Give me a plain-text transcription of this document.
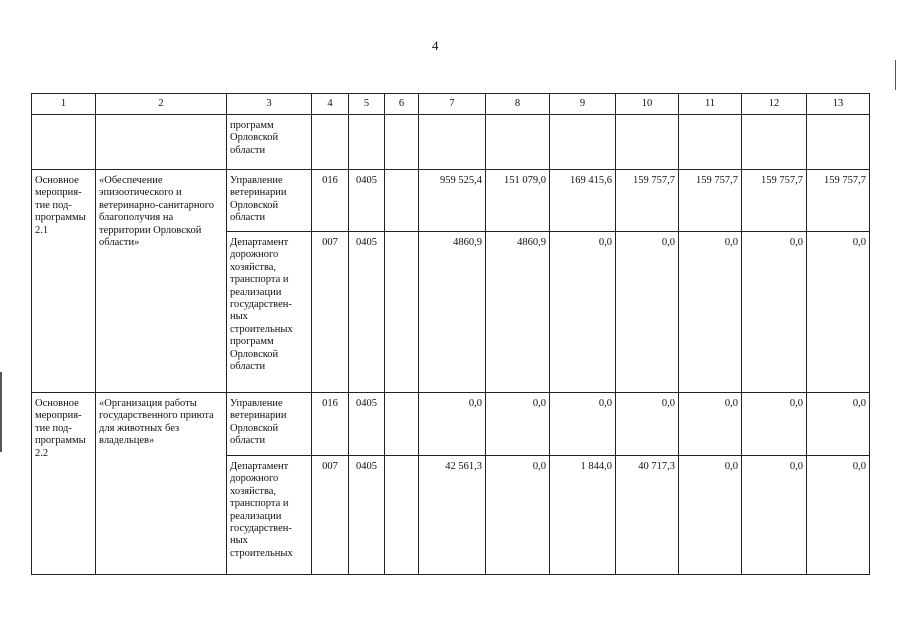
4
1	2	3	4	5	6	7	8	9	10	11	12	13
		программ Орловской области										
Основное мероприя-тие под-программы 2.1	«Обеспечение эпизоотического и ветеринарно-санитарного благополучия на территории Орловской области»	Управление ветеринарии Орловской области	016	0405		959 525,4	151 079,0	169 415,6	159 757,7	159 757,7	159 757,7	159 757,7
		Департамент дорожного хозяйства, транспорта и реализации государствен-ных строительных программ Орловской области	007	0405		4860,9	4860,9	0,0	0,0	0,0	0,0	0,0
Основное мероприя-тие под-программы 2.2	«Организация работы государственного приюта для животных без владельцев»	Управление ветеринарии Орловской области	016	0405		0,0	0,0	0,0	0,0	0,0	0,0	0,0
		Департамент дорожного хозяйства, транспорта и реализации государствен-ных строительных	007	0405		42 561,3	0,0	1 844,0	40 717,3	0,0	0,0	0,0
